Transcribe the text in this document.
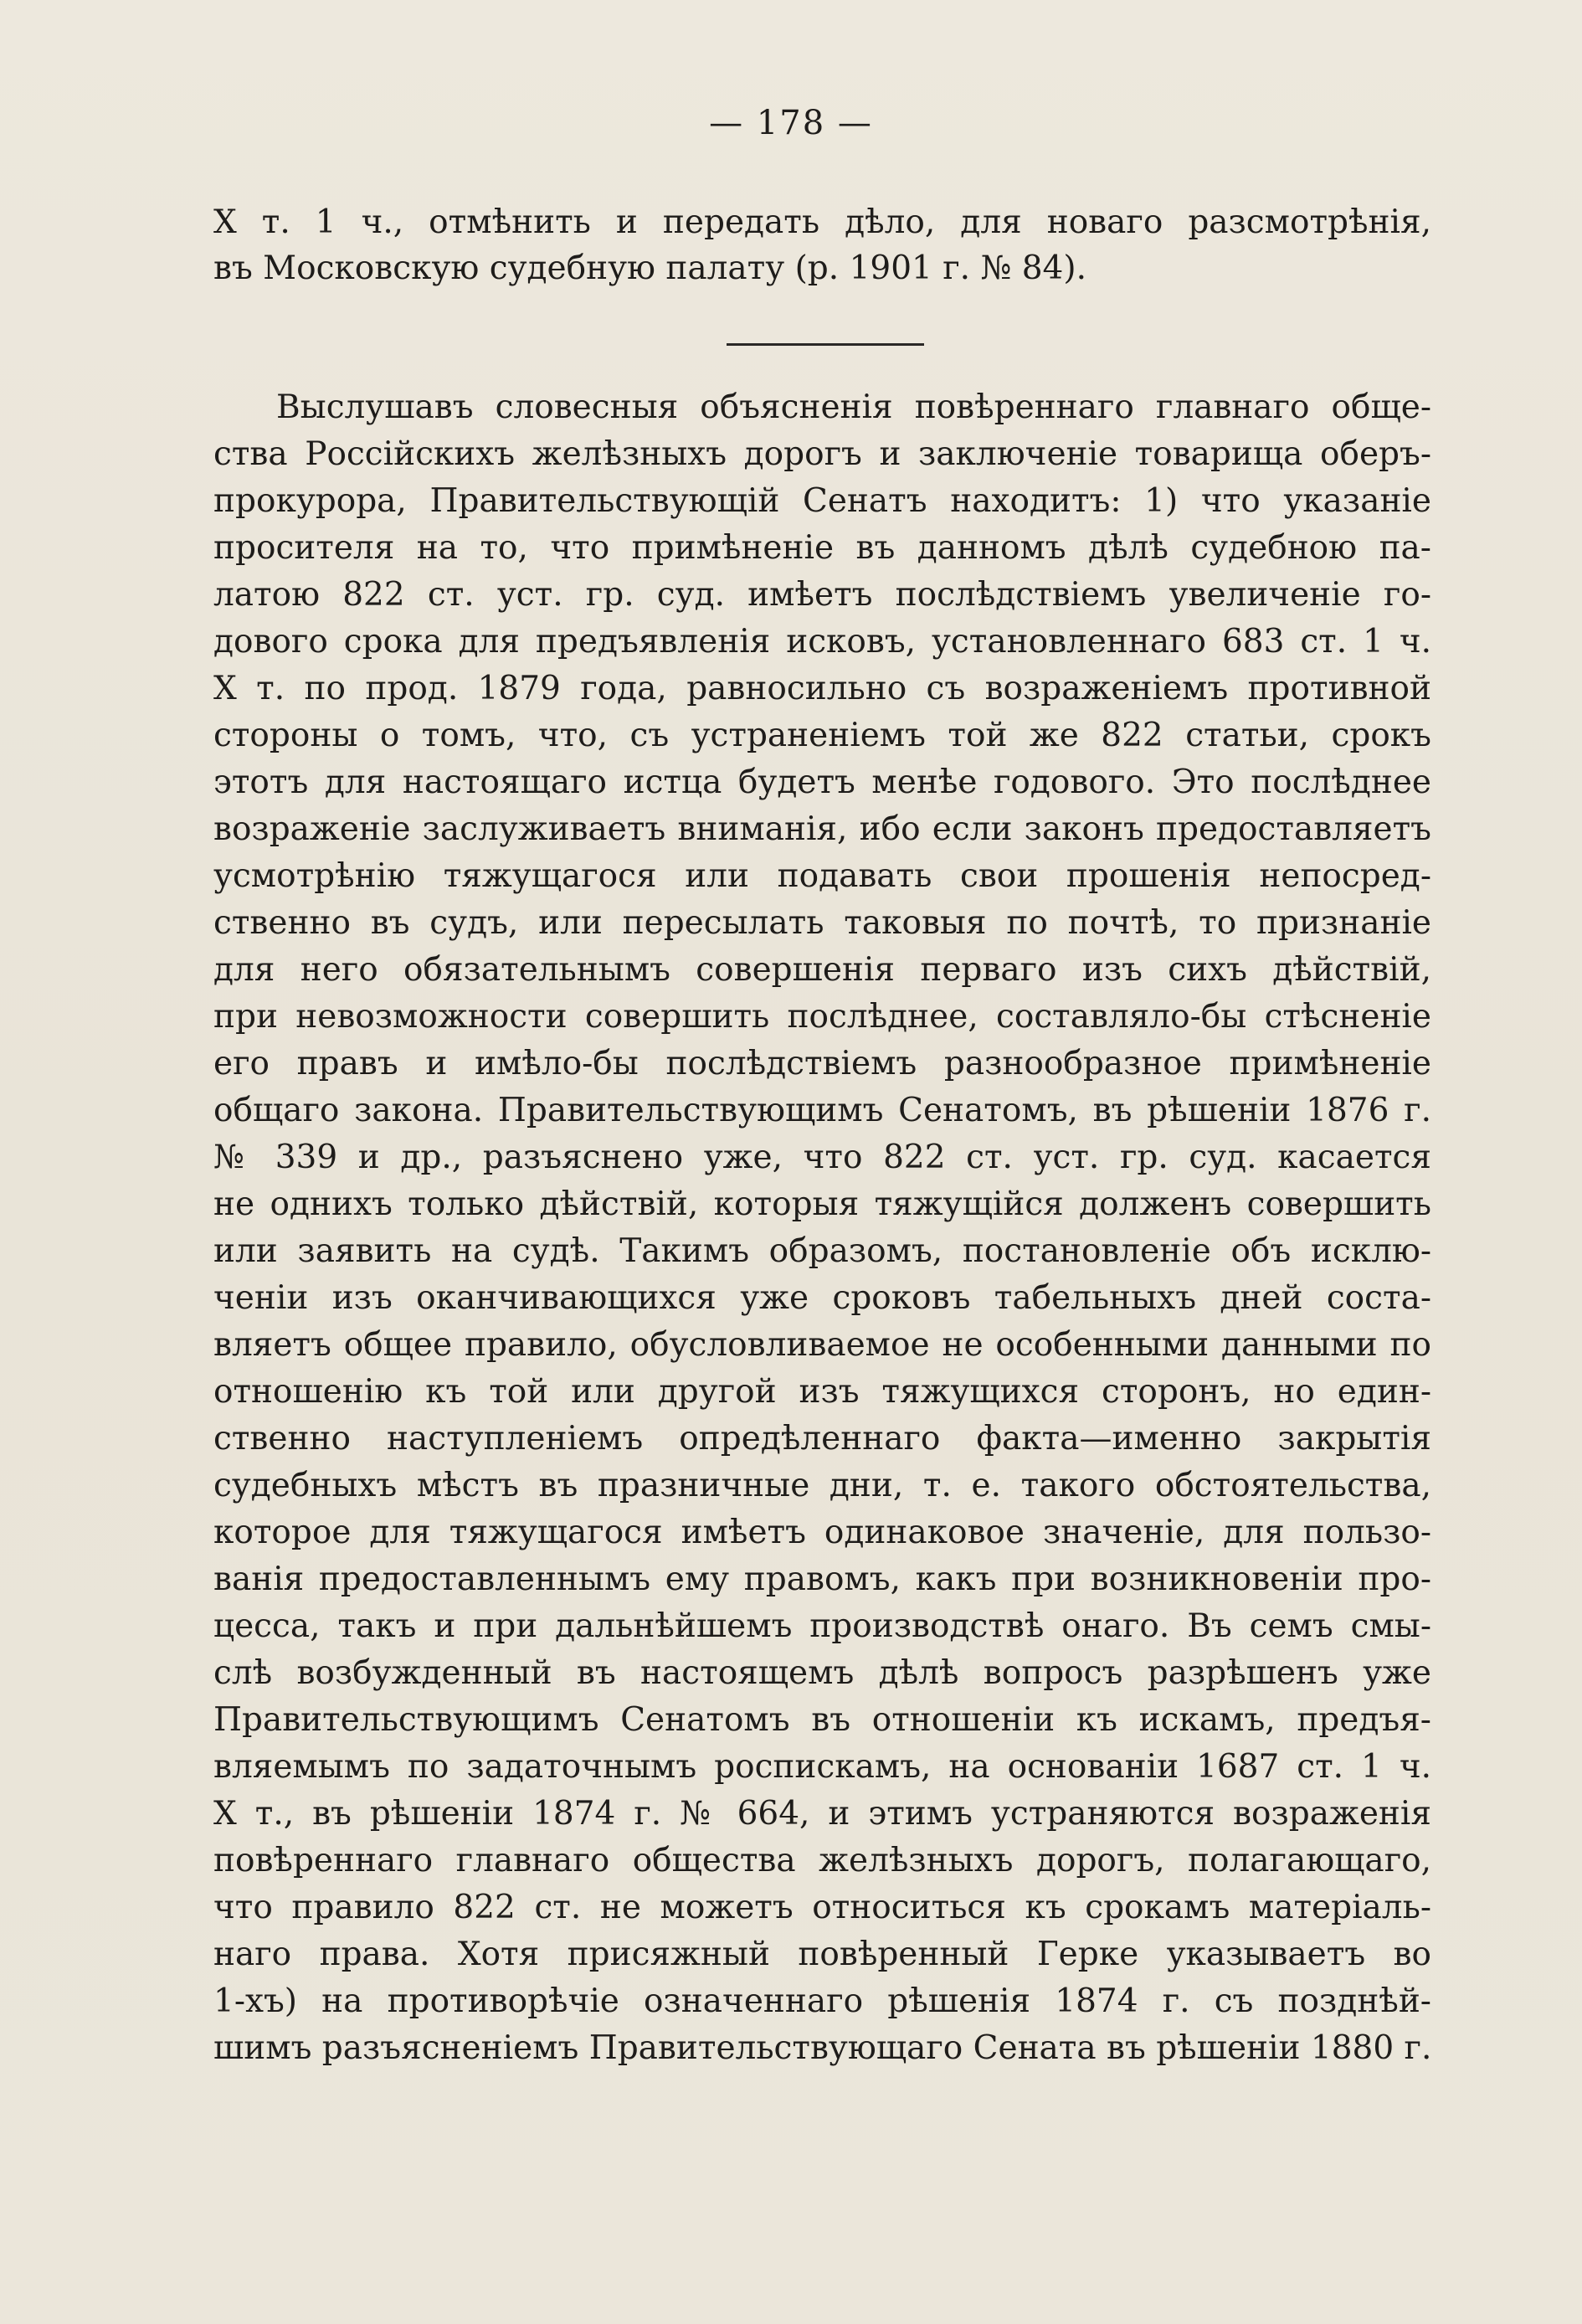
— 178 —

X т. 1 ч., отмѣнить и передать дѣло, для новаго разсмотрѣнія,

въ Московскую судебную палату (р. 1901 г. № 84).

Выслушавъ словесныя объясненія повѣреннаго главнаго обще-

ства Россійскихъ желѣзныхъ дорогъ и заключеніе товарища оберъ-

прокурора, Правительствующій Сенатъ находитъ: 1) что указаніе

просителя на то, что примѣненіе въ данномъ дѣлѣ судебною па-

латою 822 ст. уст. гр. суд. имѣетъ послѣдствіемъ увеличеніе го-

дового срока для предъявленія исковъ, установленнаго 683 ст. 1 ч.

X т. по прод. 1879 года, равносильно съ возраженіемъ противной

стороны о томъ, что, съ устраненіемъ той же 822 статьи, срокъ

этотъ для настоящаго истца будетъ менѣе годового. Это послѣднее

возраженіе заслуживаетъ вниманія, ибо если законъ предоставляетъ

усмотрѣнію тяжущагося или подавать свои прошенія непосред-

ственно въ судъ, или пересылать таковыя по почтѣ, то признаніе

для него обязательнымъ совершенія перваго изъ сихъ дѣйствій,

при невозможности совершить послѣднее, составляло-бы стѣсненіе

его правъ и имѣло-бы послѣдствіемъ разнообразное примѣненіе

общаго закона. Правительствующимъ Сенатомъ, въ рѣшеніи 1876 г.

№ 339 и др., разъяснено уже, что 822 ст. уст. гр. суд. касается

не однихъ только дѣйствій, которыя тяжущійся долженъ совершить

или заявить на судѣ. Такимъ образомъ, постановленіе объ исклю-

ченіи изъ оканчивающихся уже сроковъ табельныхъ дней соста-

вляетъ общее правило, обусловливаемое не особенными данными по

отношенію къ той или другой изъ тяжущихся сторонъ, но един-

ственно наступленіемъ опредѣленнаго факта—именно закрытія

судебныхъ мѣстъ въ празничные дни, т. е. такого обстоятельства,

которое для тяжущагося имѣетъ одинаковое значеніе, для пользо-

ванія предоставленнымъ ему правомъ, какъ при возникновеніи про-

цесса, такъ и при дальнѣйшемъ производствѣ онаго. Въ семъ смы-

слѣ возбужденный въ настоящемъ дѣлѣ вопросъ разрѣшенъ уже

Правительствующимъ Сенатомъ въ отношеніи къ искамъ, предъя-

вляемымъ по задаточнымъ роспискамъ, на основаніи 1687 ст. 1 ч.

X т., въ рѣшеніи 1874 г. № 664, и этимъ устраняются возраженія

повѣреннаго главнаго общества желѣзныхъ дорогъ, полагающаго,

что правило 822 ст. не можетъ относиться къ срокамъ матеріаль-

наго права. Хотя присяжный повѣренный Герке указываетъ во

1-хъ) на противорѣчіе означеннаго рѣшенія 1874 г. съ позднѣй-

шимъ разъясненіемъ Правительствующаго Сената въ рѣшеніи 1880 г.
